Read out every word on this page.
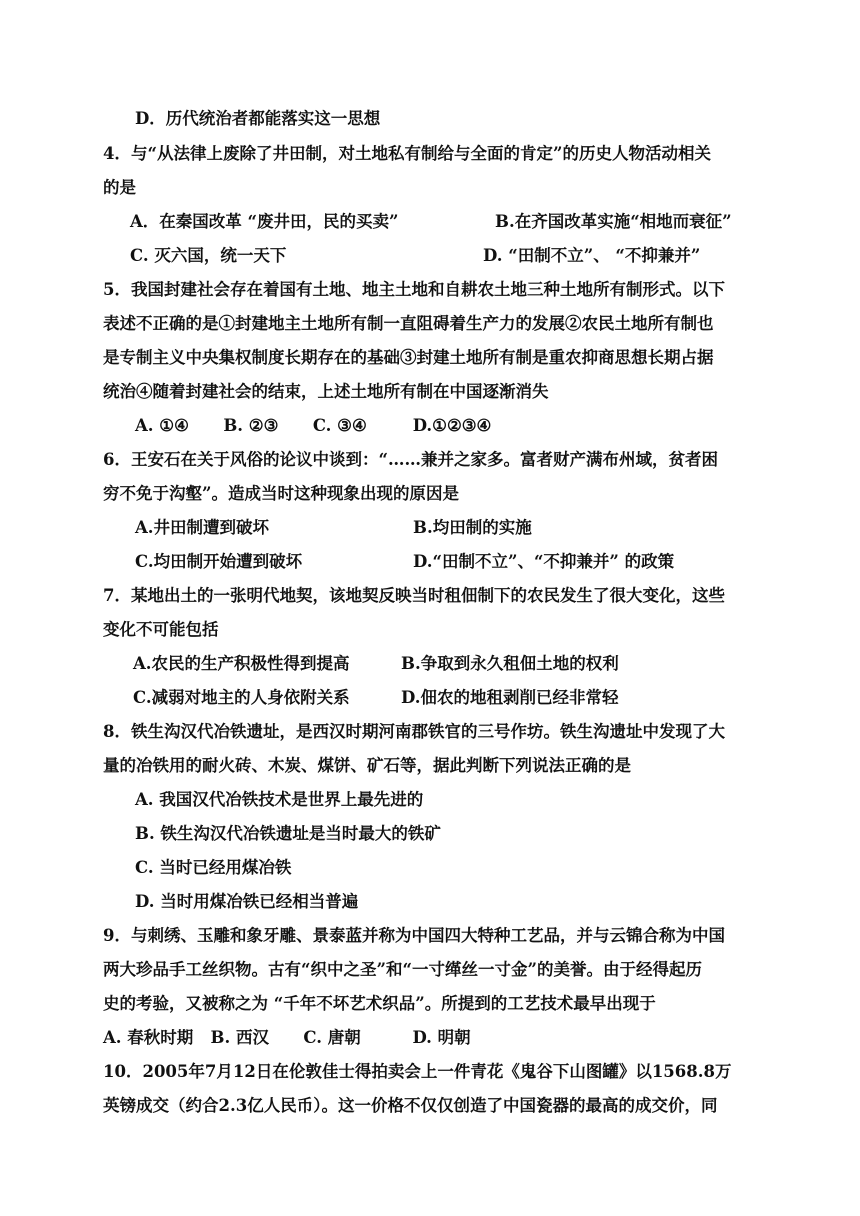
D．历代统治者都能落实这一思想
4．与“从法律上废除了井田制，对土地私有制给与全面的肯定”的历史人物活动相关
的是
A．在秦国改革 “废井田，民的买卖”	B.在齐国改革实施“相地而衰征”
C. 灭六国，统一天下	D. “田制不立”、 “不抑兼并”
5．我国封建社会存在着国有土地、地主土地和自耕农土地三种土地所有制形式。以下
表述不正确的是①封建地主土地所有制一直阻碍着生产力的发展②农民土地所有制也
是专制主义中央集权制度长期存在的基础③封建土地所有制是重农抑商思想长期占据
统治④随着封建社会的结束，上述土地所有制在中国逐渐消失
A. ①④      B. ②③      C. ③④        D.①②③④
6．王安石在关于风俗的论议中谈到：“……兼并之家多。富者财产满布州域，贫者困
穷不免于沟壑”。造成当时这种现象出现的原因是
A.井田制遭到破坏	B.均田制的实施
C.均田制开始遭到破坏	D.“田制不立”、“不抑兼并” 的政策
7．某地出土的一张明代地契，该地契反映当时租佃制下的农民发生了很大变化，这些
变化不可能包括
A.农民的生产积极性得到提高	B.争取到永久租佃土地的权利
C.减弱对地主的人身依附关系	D.佃农的地租剥削已经非常轻
8．铁生沟汉代冶铁遗址，是西汉时期河南郡铁官的三号作坊。铁生沟遗址中发现了大
量的冶铁用的耐火砖、木炭、煤饼、矿石等，据此判断下列说法正确的是
A. 我国汉代冶铁技术是世界上最先进的
B. 铁生沟汉代冶铁遗址是当时最大的铁矿
C. 当时已经用煤冶铁
D. 当时用煤冶铁已经相当普遍
9．与刺绣、玉雕和象牙雕、景泰蓝并称为中国四大特种工艺品，并与云锦合称为中国
两大珍品手工丝织物。古有“织中之圣”和“一寸缂丝一寸金”的美誉。由于经得起历
史的考验，又被称之为 “千年不坏艺术织品”。所提到的工艺技术最早出现于
A. 春秋时期   B. 西汉      C. 唐朝         D. 明朝
10．2005年7月12日在伦敦佳士得拍卖会上一件青花《鬼谷下山图罐》以1568.8万
英镑成交（约合2.3亿人民币）。这一价格不仅仅创造了中国瓷器的最高的成交价，同
